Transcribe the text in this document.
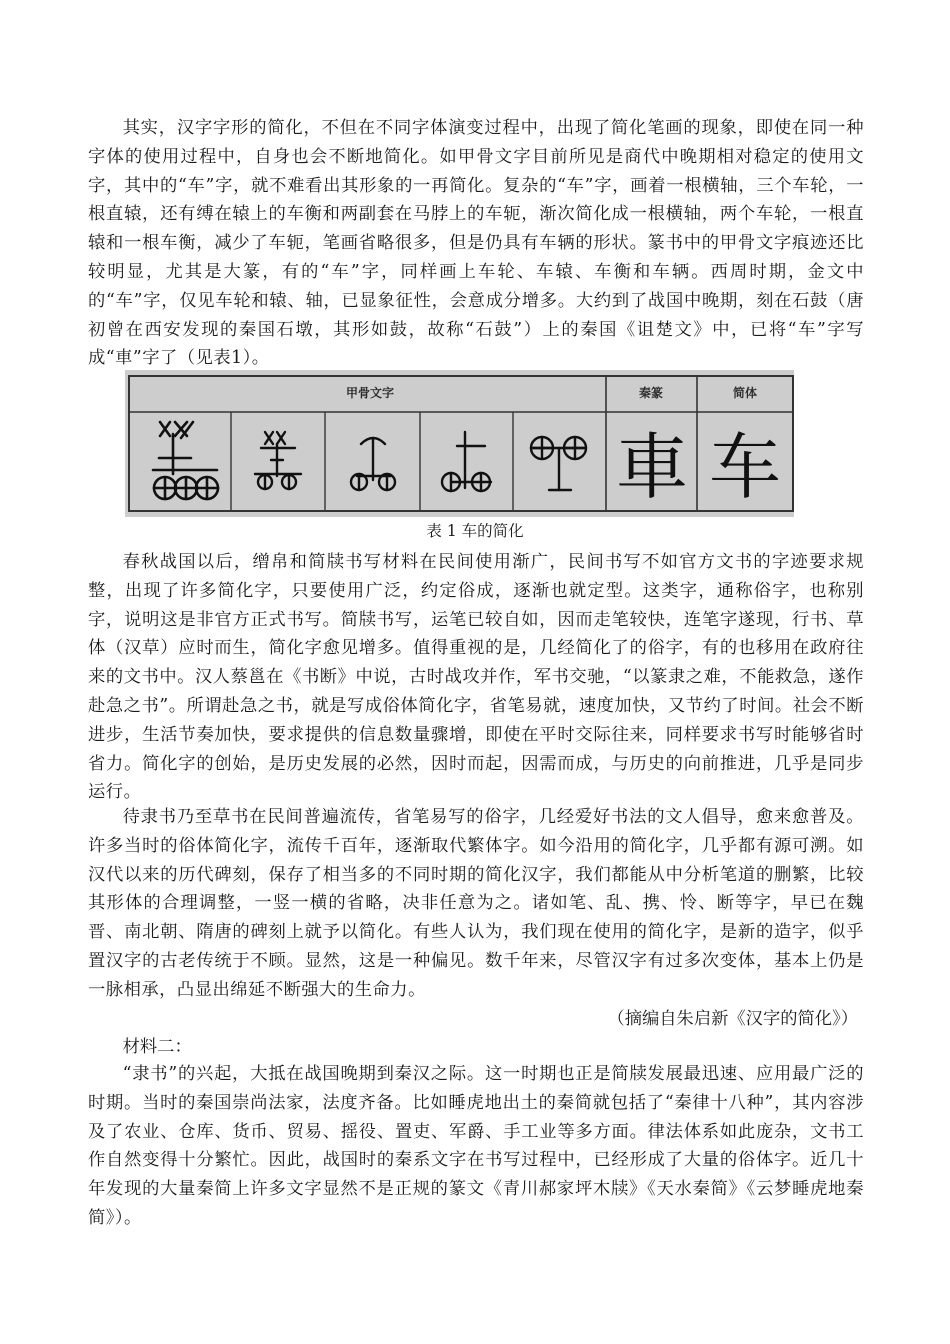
其实，汉字字形的简化，不但在不同字体演变过程中，出现了简化笔画的现象，即使在同一种字体的使用过程中，自身也会不断地简化。如甲骨文字目前所见是商代中晚期相对稳定的使用文字，其中的“车”字，就不难看出其形象的一再简化。复杂的“车”字，画着一根横轴，三个车轮，一根直辕，还有缚在辕上的车衡和两副套在马脖上的车轭，渐次简化成一根横轴，两个车轮，一根直辕和一根车衡，减少了车轭，笔画省略很多，但是仍具有车辆的形状。篆书中的甲骨文字痕迹还比较明显，尤其是大篆，有的“车”字，同样画上车轮、车辕、车衡和车辆。西周时期，金文中的“车”字，仅见车轮和辕、轴，已显象征性，会意成分增多。大约到了战国中晚期，刻在石鼓（唐初曾在西安发现的秦国石墩，其形如鼓，故称“石鼓”）上的秦国《诅楚文》中，已将“车”字写成“車”字了（见表1）。

甲骨文字	秦篆	简体
車 车

表 1 车的简化

春秋战国以后，缯帛和简牍书写材料在民间使用渐广，民间书写不如官方文书的字迹要求规整，出现了许多简化字，只要使用广泛，约定俗成，逐渐也就定型。这类字，通称俗字，也称别字，说明这是非官方正式书写。简牍书写，运笔已较自如，因而走笔较快，连笔字遂现，行书、草体（汉草）应时而生，简化字愈见增多。值得重视的是，几经简化了的俗字，有的也移用在政府往来的文书中。汉人蔡邕在《书断》中说，古时战攻并作，军书交驰，“以篆隶之难，不能救急，遂作赴急之书”。所谓赴急之书，就是写成俗体简化字，省笔易就，速度加快，又节约了时间。社会不断进步，生活节奏加快，要求提供的信息数量骤增，即使在平时交际往来，同样要求书写时能够省时省力。简化字的创始，是历史发展的必然，因时而起，因需而成，与历史的向前推进，几乎是同步运行。

待隶书乃至草书在民间普遍流传，省笔易写的俗字，几经爱好书法的文人倡导，愈来愈普及。许多当时的俗体简化字，流传千百年，逐渐取代繁体字。如今沿用的简化字，几乎都有源可溯。如汉代以来的历代碑刻，保存了相当多的不同时期的简化汉字，我们都能从中分析笔道的删繁，比较其形体的合理调整，一竖一横的省略，决非任意为之。诸如笔、乱、携、怜、断等字，早已在魏晋、南北朝、隋唐的碑刻上就予以简化。有些人认为，我们现在使用的简化字，是新的造字，似乎置汉字的古老传统于不顾。显然，这是一种偏见。数千年来，尽管汉字有过多次变体，基本上仍是一脉相承，凸显出绵延不断强大的生命力。

（摘编自朱启新《汉字的简化》）

材料二：

“隶书”的兴起，大抵在战国晚期到秦汉之际。这一时期也正是简牍发展最迅速、应用最广泛的时期。当时的秦国崇尚法家，法度齐备。比如睡虎地出土的秦简就包括了“秦律十八种”，其内容涉及了农业、仓库、货币、贸易、摇役、置吏、军爵、手工业等多方面。律法体系如此庞杂，文书工作自然变得十分繁忙。因此，战国时的秦系文字在书写过程中，已经形成了大量的俗体字。近几十年发现的大量秦简上许多文字显然不是正规的篆文《青川郝家坪木牍》《天水秦简》《云梦睡虎地秦简》）。
